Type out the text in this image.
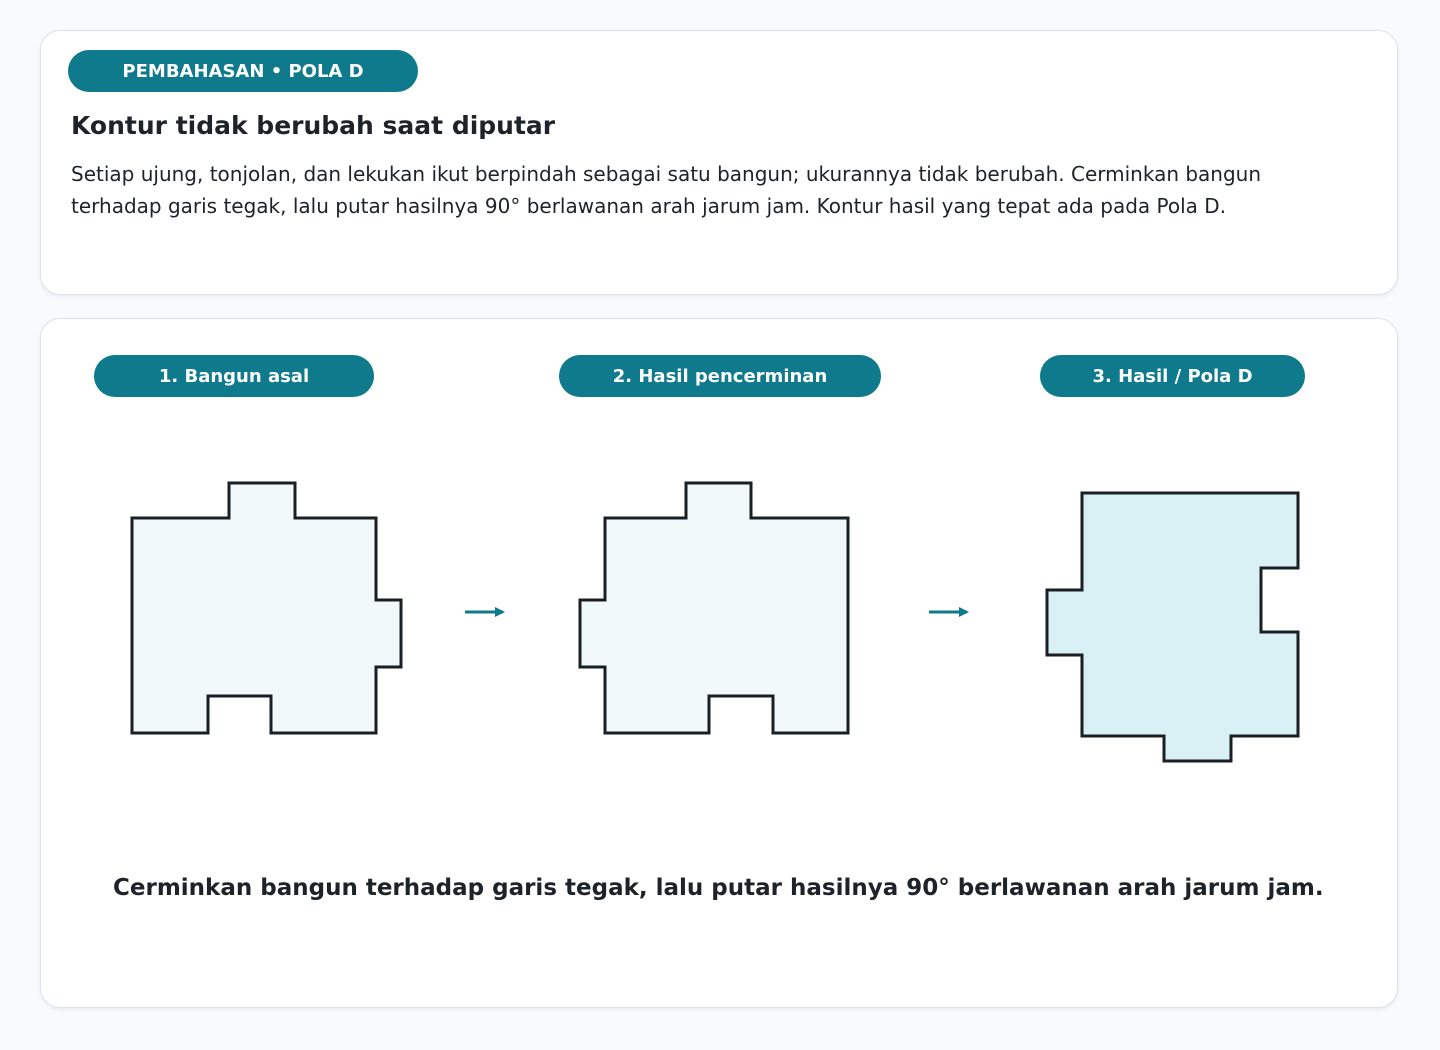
PEMBAHASAN • POLA D
Kontur tidak berubah saat diputar

Setiap ujung, tonjolan, dan lekukan ikut berpindah sebagai satu bangun; ukurannya tidak berubah. Cerminkan bangun terhadap garis tegak, lalu putar hasilnya 90° berlawanan arah jarum jam. Kontur hasil yang tepat ada pada Pola D.

1. Bangun asal	2. Hasil pencerminan	3. Hasil / Pola D

Cerminkan bangun terhadap garis tegak, lalu putar hasilnya 90° berlawanan arah jarum jam.
